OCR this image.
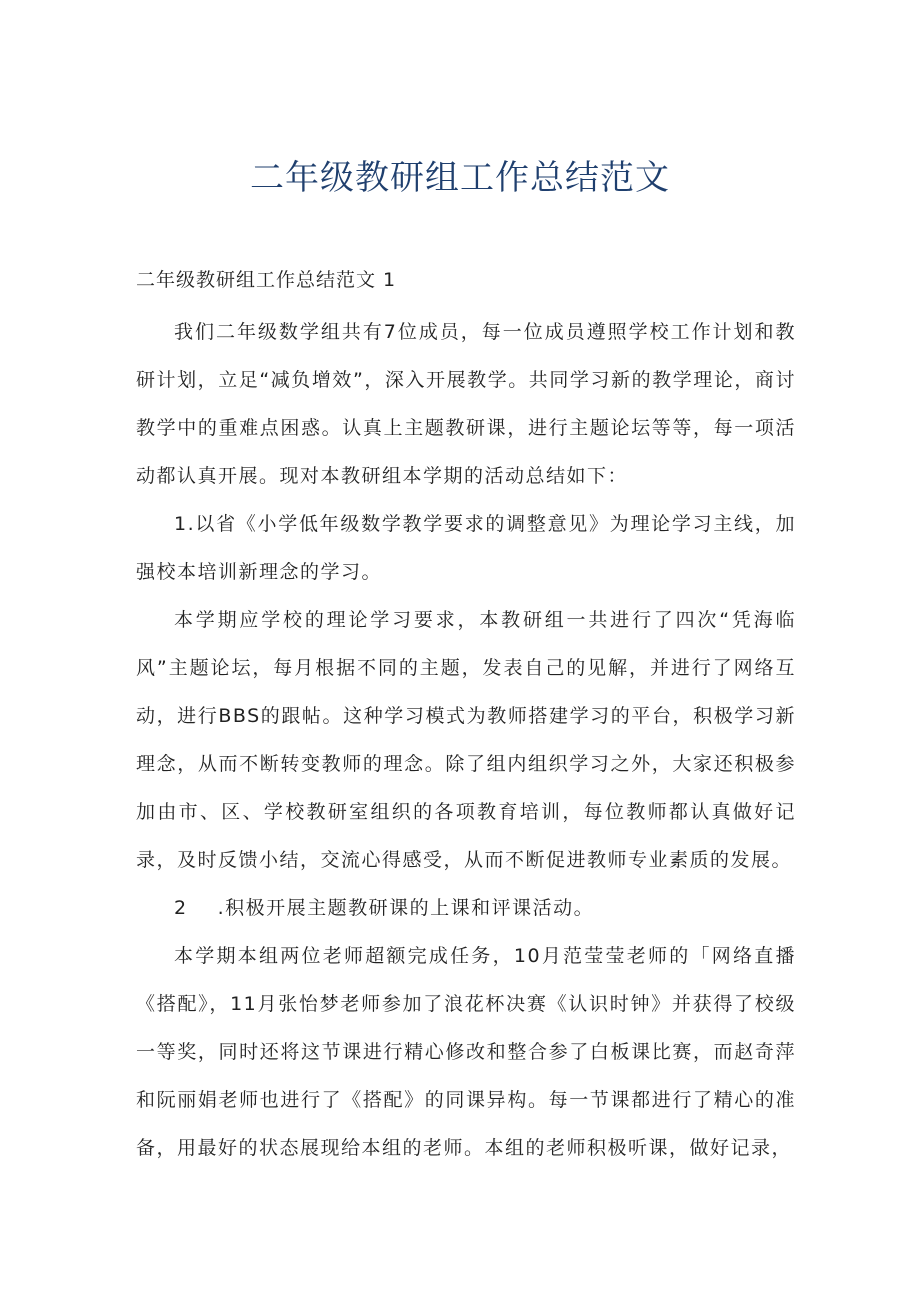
二年级教研组工作总结范文

二年级教研组工作总结范文 1

我们二年级数学组共有7位成员，每一位成员遵照学校工作计划和教研计划，立足“减负增效”，深入开展教学。共同学习新的教学理论，商讨教学中的重难点困惑。认真上主题教研课，进行主题论坛等等，每一项活动都认真开展。现对本教研组本学期的活动总结如下：

1.以省《小学低年级数学教学要求的调整意见》为理论学习主线，加强校本培训新理念的学习。

本学期应学校的理论学习要求，本教研组一共进行了四次“凭海临风”主题论坛，每月根据不同的主题，发表自己的见解，并进行了网络互动，进行BBS的跟帖。这种学习模式为教师搭建学习的平台，积极学习新理念，从而不断转变教师的理念。除了组内组织学习之外，大家还积极参加由市、区、学校教研室组织的各项教育培训，每位教师都认真做好记录，及时反馈小结，交流心得感受，从而不断促进教师专业素质的发展。

2 .积极开展主题教研课的上课和评课活动。

本学期本组两位老师超额完成任务，10月范莹莹老师的「网络直播《搭配》，11月张怡梦老师参加了浪花杯决赛《认识时钟》并获得了校级一等奖，同时还将这节课进行精心修改和整合参了白板课比赛，而赵奇萍和阮丽娟老师也进行了《搭配》的同课异构。每一节课都进行了精心的准备，用最好的状态展现给本组的老师。本组的老师积极听课，做好记录，
